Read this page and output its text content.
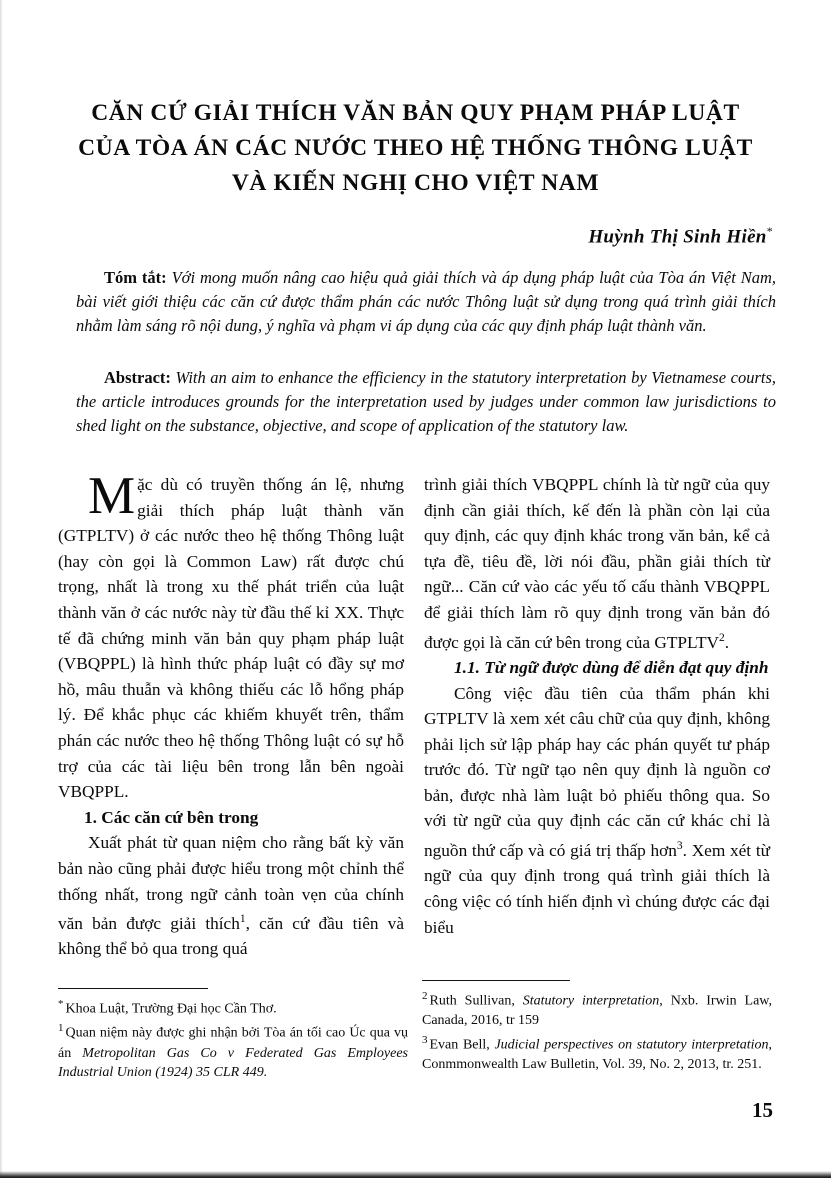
CĂN CỨ GIẢI THÍCH VĂN BẢN QUY PHẠM PHÁP LUẬT
CỦA TÒA ÁN CÁC NƯỚC THEO HỆ THỐNG THÔNG LUẬT
VÀ KIẾN NGHỊ CHO VIỆT NAM
Huỳnh Thị Sinh Hiền*
Tóm tắt: Với mong muốn nâng cao hiệu quả giải thích và áp dụng pháp luật của Tòa án Việt Nam, bài viết giới thiệu các căn cứ được thẩm phán các nước Thông luật sử dụng trong quá trình giải thích nhằm làm sáng rõ nội dung, ý nghĩa và phạm vi áp dụng của các quy định pháp luật thành văn.
Abstract: With an aim to enhance the efficiency in the statutory interpretation by Vietnamese courts, the article introduces grounds for the interpretation used by judges under common law jurisdictions to shed light on the substance, objective, and scope of application of the statutory law.

Mặc dù có truyền thống án lệ, nhưng giải thích pháp luật thành văn (GTPLTV) ở các nước theo hệ thống Thông luật (hay còn gọi là Common Law) rất được chú trọng, nhất là trong xu thế phát triển của luật thành văn ở các nước này từ đầu thế kỉ XX. Thực tế đã chứng minh văn bản quy phạm pháp luật (VBQPPL) là hình thức pháp luật có đầy sự mơ hồ, mâu thuẫn và không thiếu các lỗ hổng pháp lý. Để khắc phục các khiếm khuyết trên, thẩm phán các nước theo hệ thống Thông luật có sự hỗ trợ của các tài liệu bên trong lẫn bên ngoài VBQPPL.

1. Các căn cứ bên trong

Xuất phát từ quan niệm cho rằng bất kỳ văn bản nào cũng phải được hiểu trong một chỉnh thể thống nhất, trong ngữ cảnh toàn vẹn của chính văn bản được giải thích$^1$, căn cứ đầu tiên và không thể bỏ qua trong quá

trình giải thích VBQPPL chính là từ ngữ của quy định cần giải thích, kế đến là phần còn lại của quy định, các quy định khác trong văn bản, kể cả tựa đề, tiêu đề, lời nói đầu, phần giải thích từ ngữ... Căn cứ vào các yếu tố cấu thành VBQPPL để giải thích làm rõ quy định trong văn bản đó được gọi là căn cứ bên trong của GTPLTV$^2$.

1.1. Từ ngữ được dùng để diễn đạt quy định

Công việc đầu tiên của thẩm phán khi GTPLTV là xem xét câu chữ của quy định, không phải lịch sử lập pháp hay các phán quyết tư pháp trước đó. Từ ngữ tạo nên quy định là nguồn cơ bản, được nhà làm luật bỏ phiếu thông qua. So với từ ngữ của quy định các căn cứ khác chỉ là nguồn thứ cấp và có giá trị thấp hơn$^3$. Xem xét từ ngữ của quy định trong quá trình giải thích là công việc có tính hiến định vì chúng được các đại biểu

* Khoa Luật, Trường Đại học Cần Thơ.

$^1$ Quan niệm này được ghi nhận bởi Tòa án tối cao Úc qua vụ án Metropolitan Gas Co v Federated Gas Employees Industrial Union (1924) 35 CLR 449.

$^2$ Ruth Sullivan, Statutory interpretation, Nxb. Irwin Law, Canada, 2016, tr 159

$^3$ Evan Bell, Judicial perspectives on statutory interpretation, Conmmonwealth Law Bulletin, Vol. 39, No. 2, 2013, tr. 251.

15
